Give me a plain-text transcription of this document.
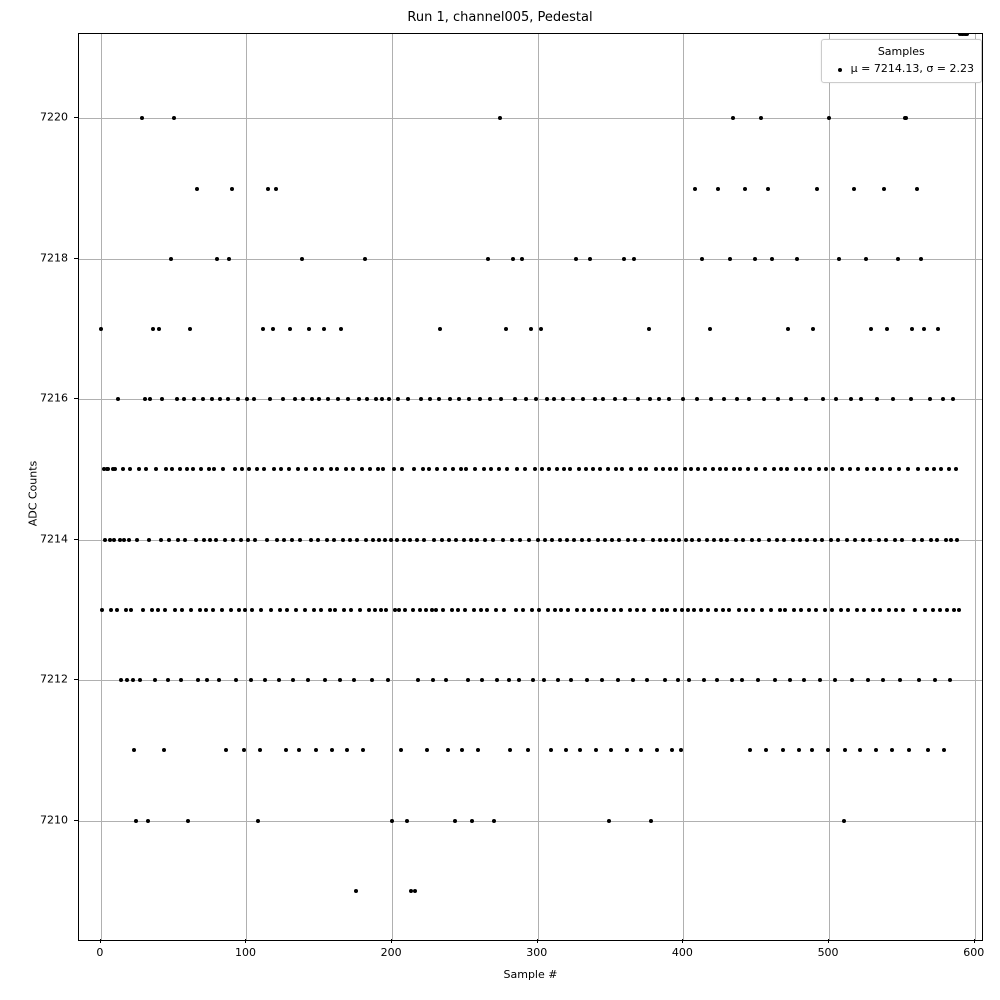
Run 1, channel005, Pedestal
7210
7212
7214
7216
7218
7220
0	100	200	300	400	500	600
Sample #
ADC Counts
Samples
μ = 7214.13, σ = 2.23
